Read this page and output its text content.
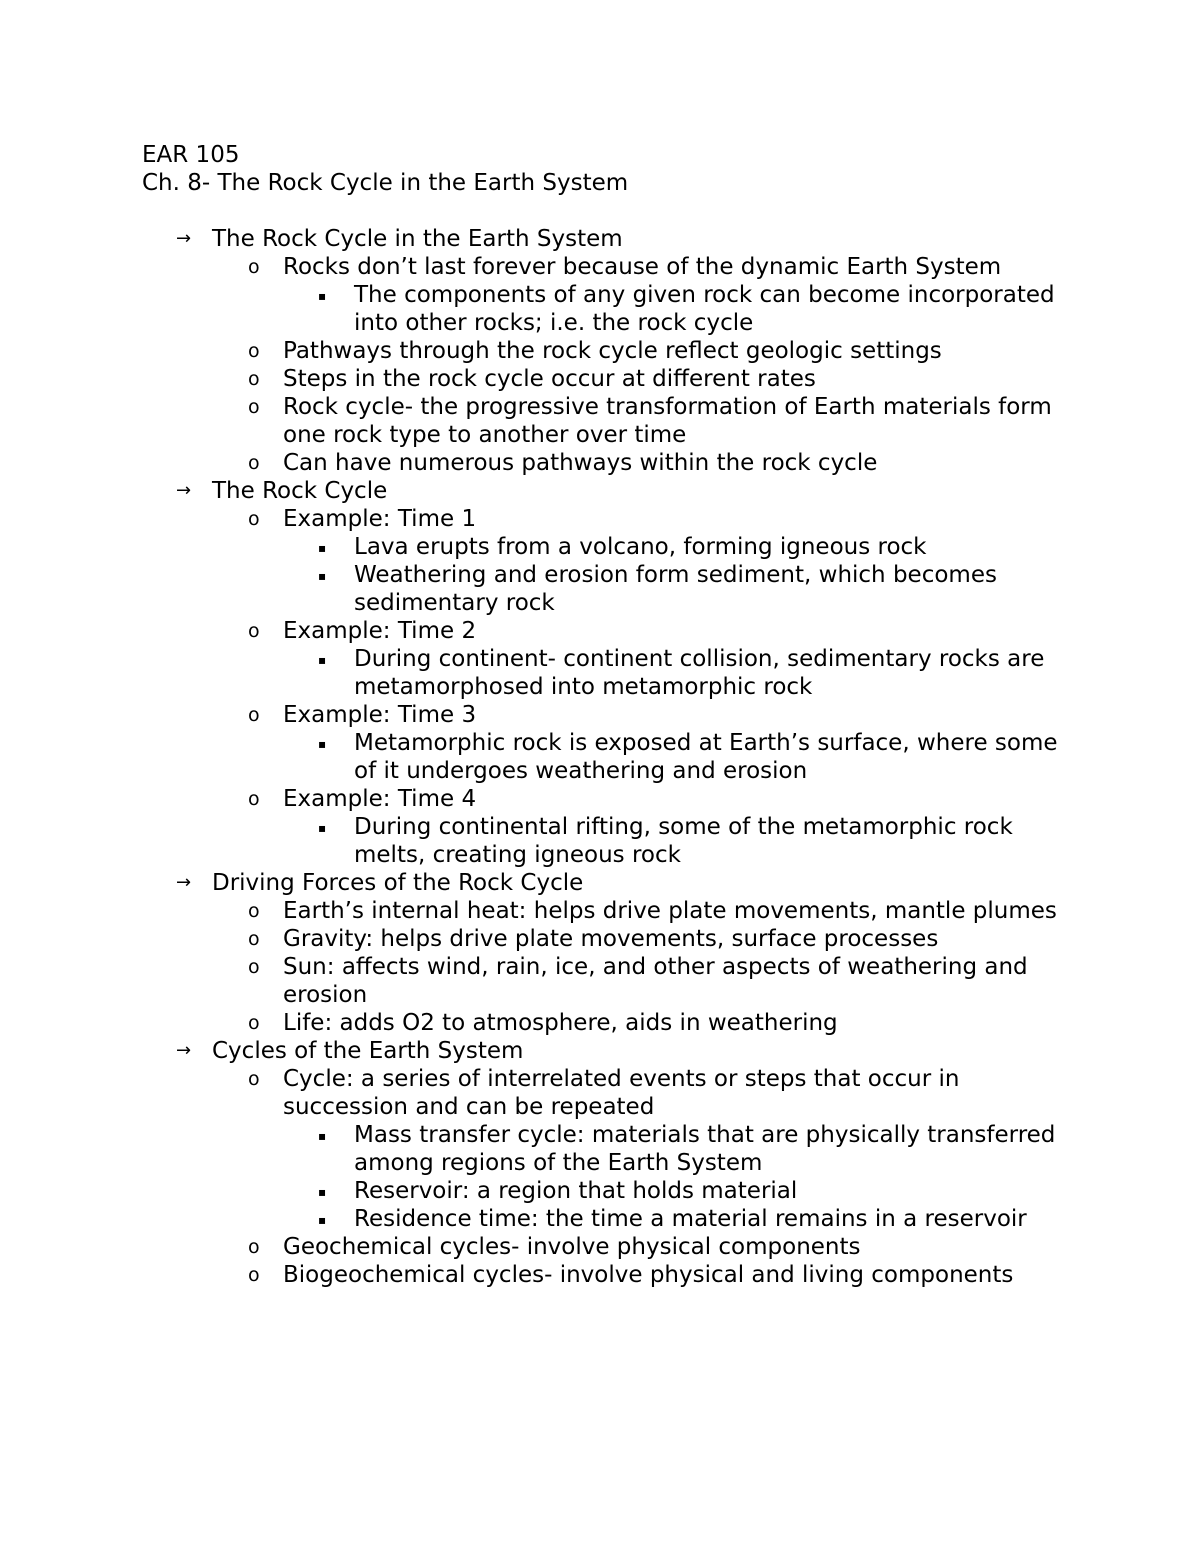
EAR 105
Ch. 8- The Rock Cycle in the Earth System
→ The Rock Cycle in the Earth System
o Rocks don’t last forever because of the dynamic Earth System
▪ The components of any given rock can become incorporated into other rocks; i.e. the rock cycle
o Pathways through the rock cycle reflect geologic settings
o Steps in the rock cycle occur at different rates
o Rock cycle- the progressive transformation of Earth materials form one rock type to another over time
o Can have numerous pathways within the rock cycle
→ The Rock Cycle
o Example: Time 1
▪ Lava erupts from a volcano, forming igneous rock
▪ Weathering and erosion form sediment, which becomes sedimentary rock
o Example: Time 2
▪ During continent- continent collision, sedimentary rocks are metamorphosed into metamorphic rock
o Example: Time 3
▪ Metamorphic rock is exposed at Earth’s surface, where some of it undergoes weathering and erosion
o Example: Time 4
▪ During continental rifting, some of the metamorphic rock melts, creating igneous rock
→ Driving Forces of the Rock Cycle
o Earth’s internal heat: helps drive plate movements, mantle plumes
o Gravity: helps drive plate movements, surface processes
o Sun: affects wind, rain, ice, and other aspects of weathering and erosion
o Life: adds O2 to atmosphere, aids in weathering
→ Cycles of the Earth System
o Cycle: a series of interrelated events or steps that occur in succession and can be repeated
▪ Mass transfer cycle: materials that are physically transferred among regions of the Earth System
▪ Reservoir: a region that holds material
▪ Residence time: the time a material remains in a reservoir
o Geochemical cycles- involve physical components
o Biogeochemical cycles- involve physical and living components
